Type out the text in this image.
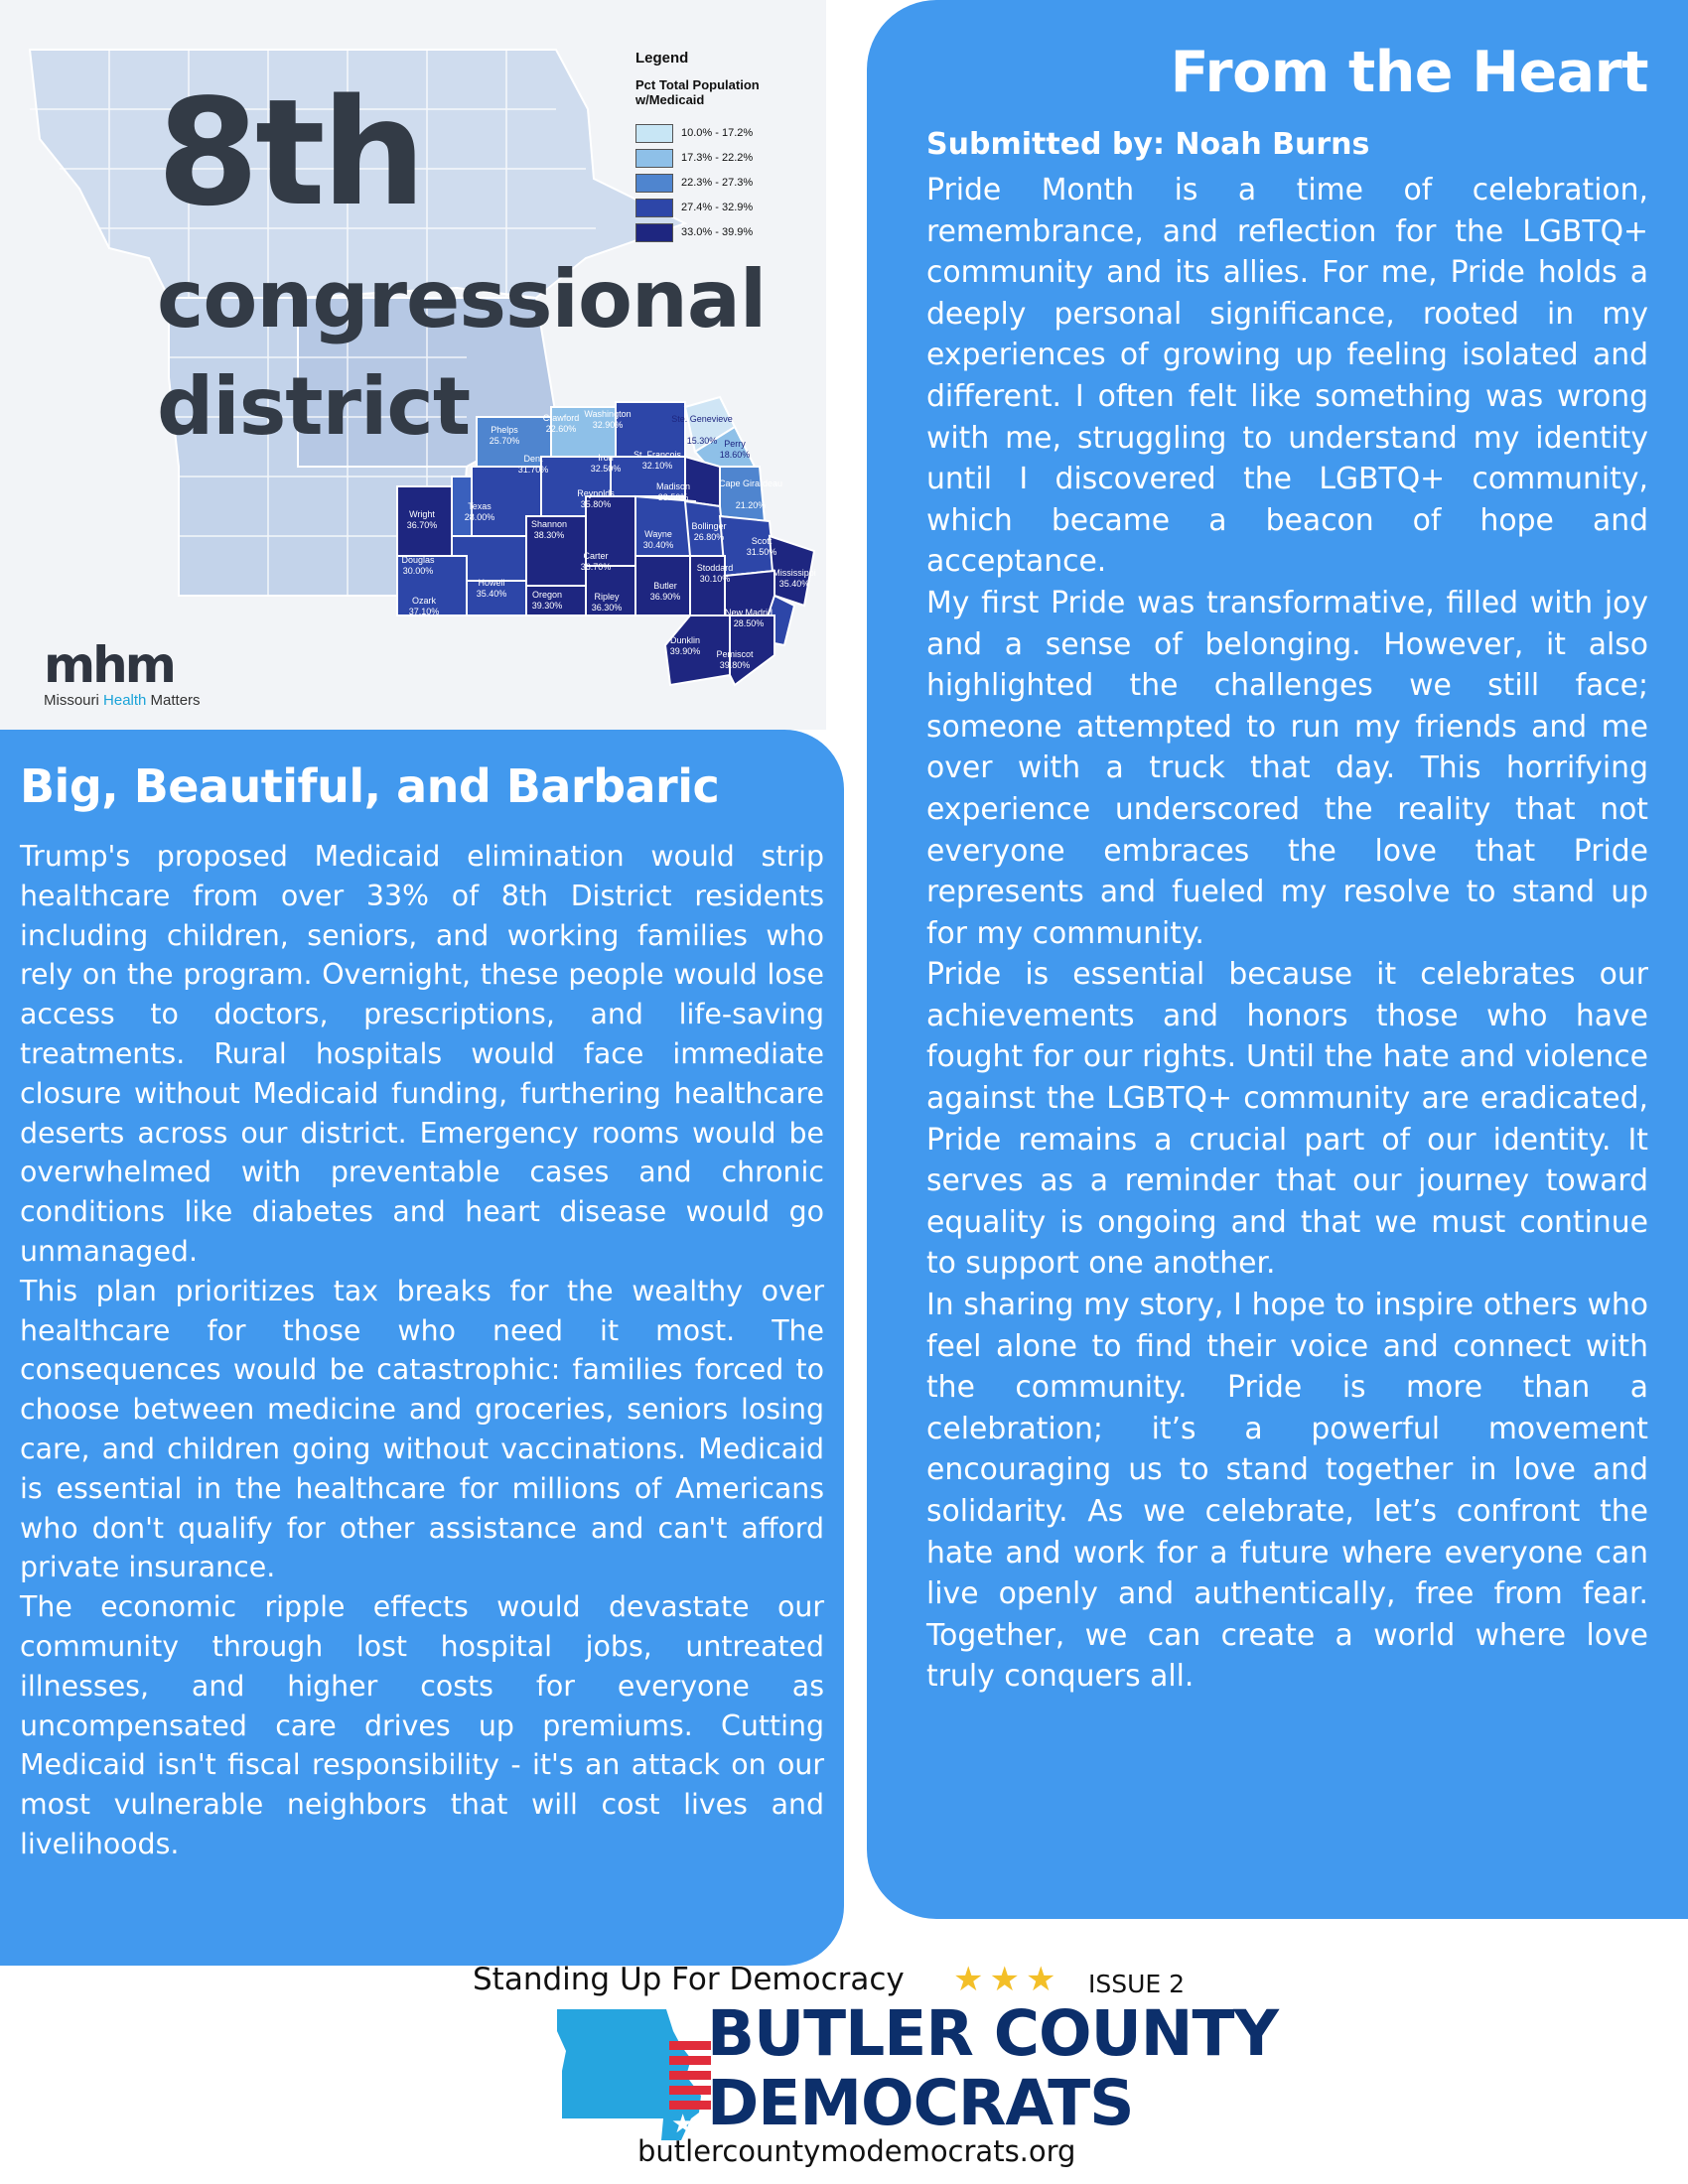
Phelps
25.70%
Crawford
22.60%
Washington
32.90%
Ste. Genevieve
15.30% Perry
18.60%
Dent
31.70%
Iron
32.50%
St. Francois
32.10%
Madison
33.50%
Cape Girardeau
21.20%
Texas
28.00%
Reynolds
35.80%
Bollinger
26.80%
Wright
36.70%	Shannon
38.30%	Wayne
30.40%	Scott
31.50%
Carter
36.70%
Douglas
30.00%	Stoddard
30.10%
Mississippi
35.40%
Butler
36.90%
Howell
35.40%
Ozark
37.10%
Oregon
39.30%
Ripley
36.30%	New Madrid
28.50%
Dunklin
39.90% Pemiscot
39.80%
8th
congressional
district
Legend
Pct Total Population w/Medicaid
10.0% - 17.2%
17.3% - 22.2%
22.3% - 27.3%
27.4% - 32.9%
33.0% - 39.9%
mhm
Missouri Health Matters
From the Heart

Submitted by: Noah Burns

Pride Month is a time of celebration, remembrance, and reflection for the LGBTQ+ community and its allies. For me, Pride holds a deeply personal significance, rooted in my experiences of growing up feeling isolated and different. I often felt like something was wrong with me, struggling to understand my identity until I discovered the LGBTQ+ community, which became a beacon of hope and acceptance.

My first Pride was transformative, filled with joy and a sense of belonging. However, it also highlighted the challenges we still face; someone attempted to run my friends and me over with a truck that day. This horrifying experience underscored the reality that not everyone embraces the love that Pride represents and fueled my resolve to stand up for my community.

Pride is essential because it celebrates our achievements and honors those who have fought for our rights. Until the hate and violence against the LGBTQ+ community are eradicated, Pride remains a crucial part of our identity. It serves as a reminder that our journey toward equality is ongoing and that we must continue to support one another.

In sharing my story, I hope to inspire others who feel alone to find their voice and connect with the community. Pride is more than a celebration; it’s a powerful movement encouraging us to stand together in love and solidarity. As we celebrate, let’s confront the hate and work for a future where everyone can live openly and authentically, free from fear. Together, we can create a world where love truly conquers all.

Big, Beautiful, and Barbaric

Trump's proposed Medicaid elimination would strip healthcare from over 33% of 8th District residents including children, seniors, and working families who rely on the program. Overnight, these people would lose access to doctors, prescriptions, and life-saving treatments. Rural hospitals would face immediate closure without Medicaid funding, furthering healthcare deserts across our district. Emergency rooms would be overwhelmed with preventable cases and chronic conditions like diabetes and heart disease would go unmanaged.

This plan prioritizes tax breaks for the wealthy over healthcare for those who need it most. The consequences would be catastrophic: families forced to choose between medicine and groceries, seniors losing care, and children going without vaccinations. Medicaid is essential in the healthcare for millions of Americans who don't qualify for other assistance and can't afford private insurance.

The economic ripple effects would devastate our community through lost hospital jobs, untreated illnesses, and higher costs for everyone as uncompensated care drives up premiums. Cutting Medicaid isn't fiscal responsibility - it's an attack on our most vulnerable neighbors that will cost lives and livelihoods.

Standing Up For Democracy ★★★ ISSUE 2
★
BUTLER COUNTY
DEMOCRATS
butlercountymodemocrats.org
